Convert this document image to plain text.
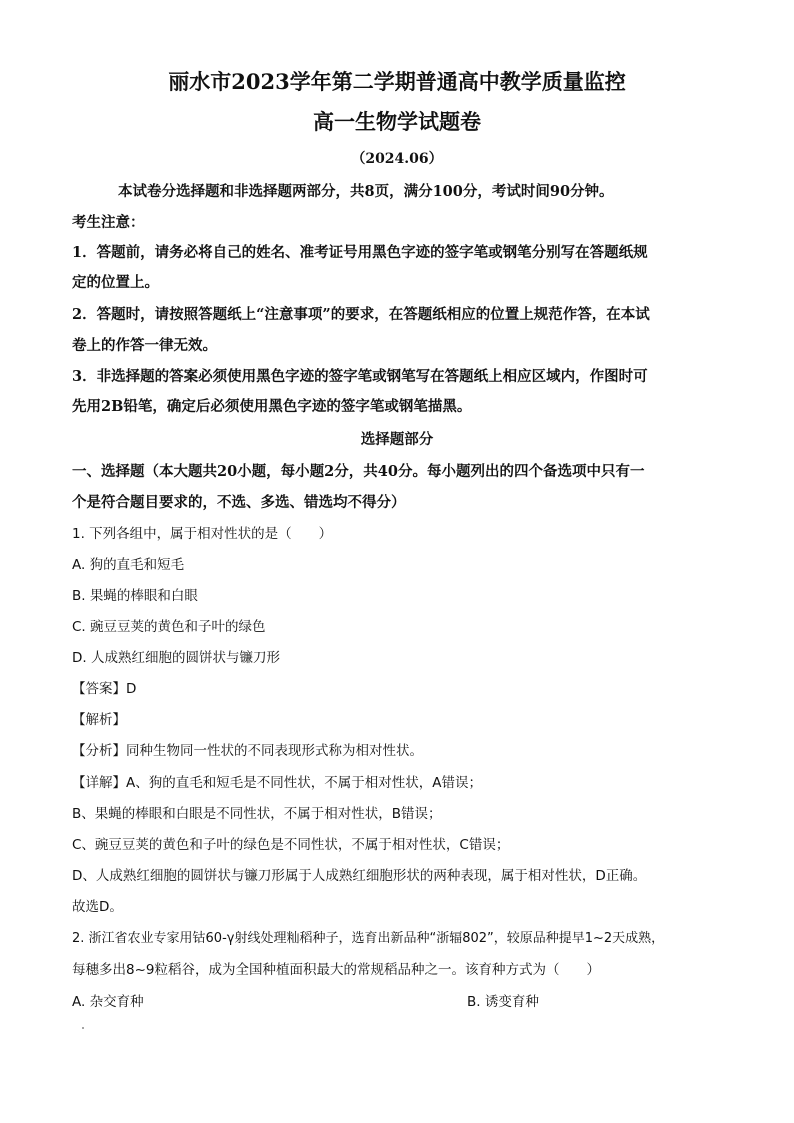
丽水市2023学年第二学期普通高中教学质量监控
高一生物学试题卷
（2024.06）
本试卷分选择题和非选择题两部分，共8页，满分100分，考试时间90分钟。
考生注意：
1．答题前，请务必将自己的姓名、准考证号用黑色字迹的签字笔或钢笔分别写在答题纸规
定的位置上。
2．答题时，请按照答题纸上“注意事项”的要求，在答题纸相应的位置上规范作答，在本试
卷上的作答一律无效。
3．非选择题的答案必须使用黑色字迹的签字笔或钢笔写在答题纸上相应区域内，作图时可
先用2B铅笔，确定后必须使用黑色字迹的签字笔或钢笔描黑。
选择题部分
一、选择题（本大题共20小题，每小题2分，共40分。每小题列出的四个备选项中只有一
个是符合题目要求的，不选、多选、错选均不得分）
1. 下列各组中，属于相对性状的是（　　）
A. 狗的直毛和短毛
B. 果蝇的棒眼和白眼
C. 豌豆豆荚的黄色和子叶的绿色
D. 人成熟红细胞的圆饼状与镰刀形
【答案】D
【解析】
【分析】同种生物同一性状的不同表现形式称为相对性状。
【详解】A、狗的直毛和短毛是不同性状，不属于相对性状，A错误；
B、果蝇的棒眼和白眼是不同性状，不属于相对性状，B错误；
C、豌豆豆荚的黄色和子叶的绿色是不同性状，不属于相对性状，C错误；
D、人成熟红细胞的圆饼状与镰刀形属于人成熟红细胞形状的两种表现，属于相对性状，D正确。
故选D。
2. 浙江省农业专家用钴60-γ射线处理籼稻种子，选育出新品种“浙辐802”，较原品种提早1~2天成熟，
每穗多出8~9粒稻谷，成为全国种植面积最大的常规稻品种之一。该育种方式为（　　）
A. 杂交育种	B. 诱变育种
